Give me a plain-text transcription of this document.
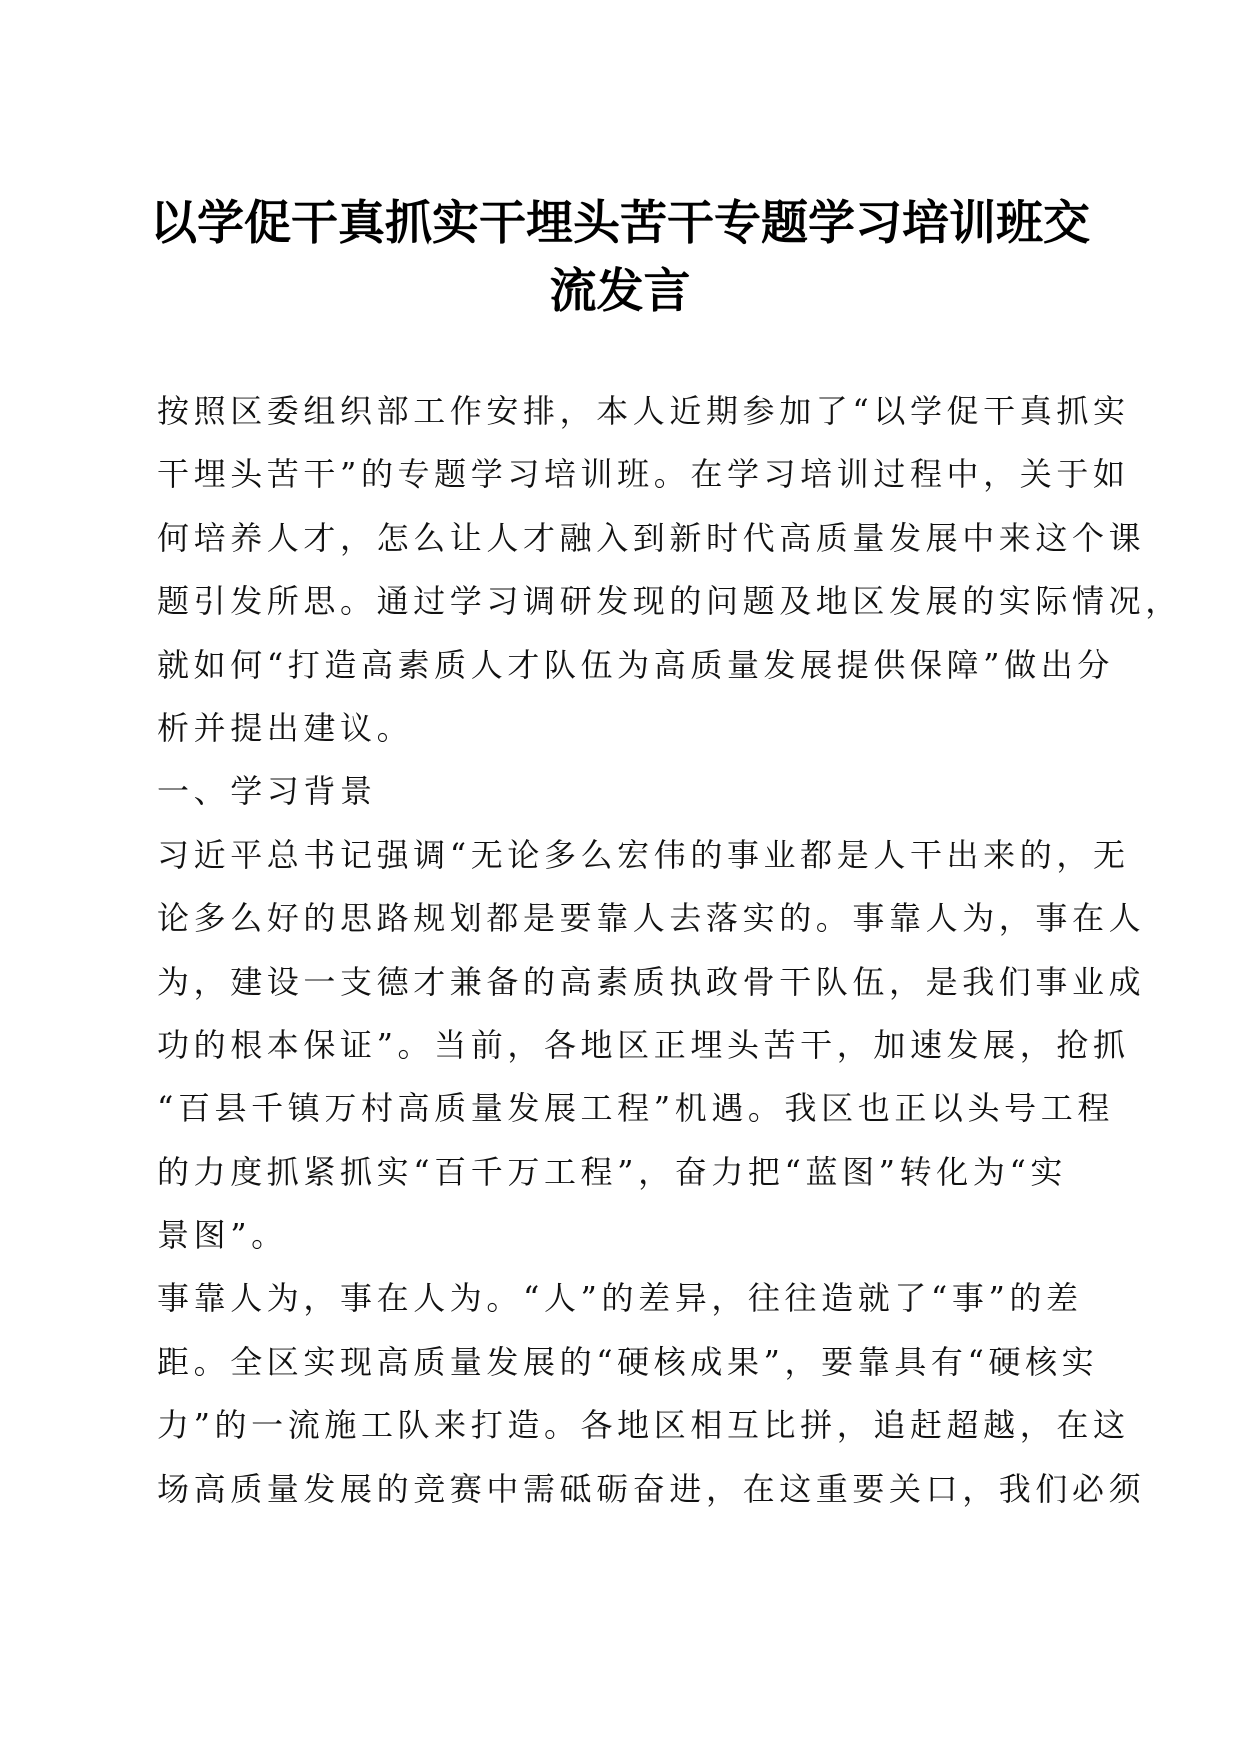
以学促干真抓实干埋头苦干专题学习培训班交
流发言
按照区委组织部工作安排，本人近期参加了“以学促干真抓实
干埋头苦干”的专题学习培训班。在学习培训过程中，关于如
何培养人才，怎么让人才融入到新时代高质量发展中来这个课
题引发所思。通过学习调研发现的问题及地区发展的实际情况，
就如何“打造高素质人才队伍为高质量发展提供保障”做出分
析并提出建议。
一、学习背景
习近平总书记强调“无论多么宏伟的事业都是人干出来的，无
论多么好的思路规划都是要靠人去落实的。事靠人为，事在人
为，建设一支德才兼备的高素质执政骨干队伍，是我们事业成
功的根本保证”。当前，各地区正埋头苦干，加速发展，抢抓
“百县千镇万村高质量发展工程”机遇。我区也正以头号工程
的力度抓紧抓实“百千万工程”，奋力把“蓝图”转化为“实
景图”。
事靠人为，事在人为。“人”的差异，往往造就了“事”的差
距。全区实现高质量发展的“硬核成果”，要靠具有“硬核实
力”的一流施工队来打造。各地区相互比拼，追赶超越，在这
场高质量发展的竞赛中需砥砺奋进，在这重要关口，我们必须
